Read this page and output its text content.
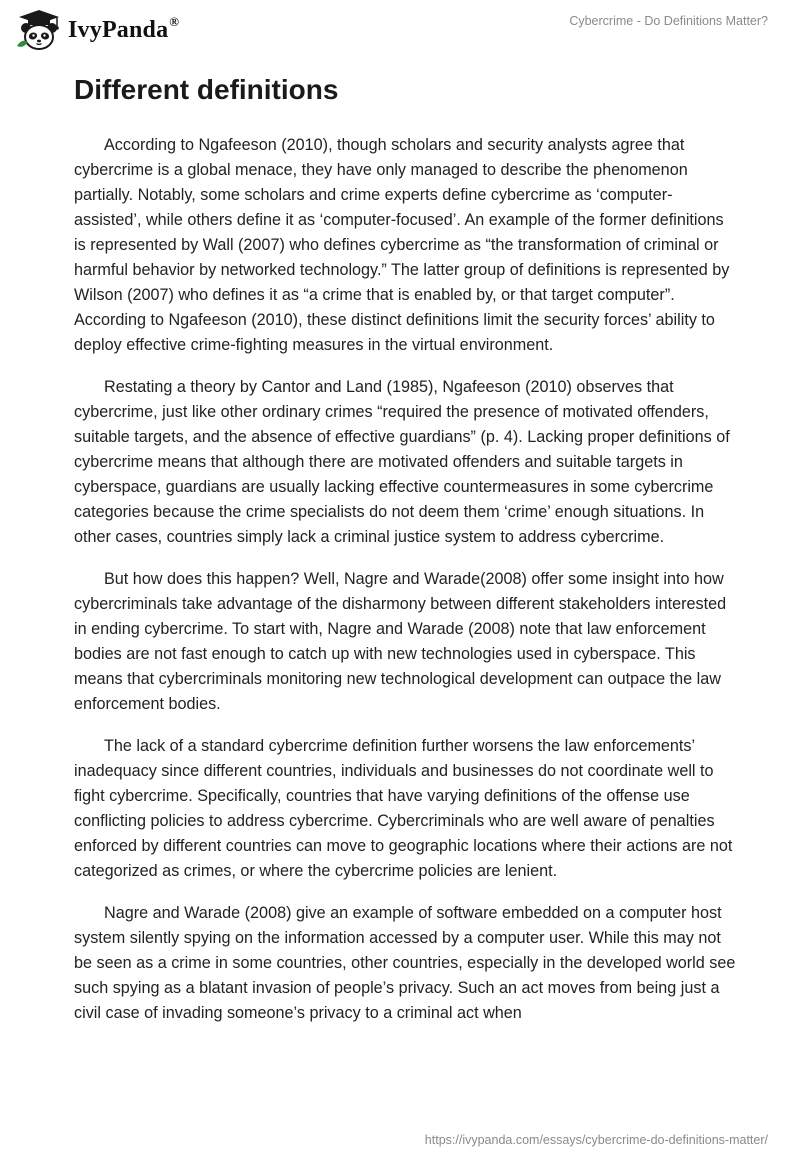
IvyPanda®	Cybercrime - Do Definitions Matter?
Different definitions

According to Ngafeeson (2010), though scholars and security analysts agree that cybercrime is a global menace, they have only managed to describe the phenomenon partially. Notably, some scholars and crime experts define cybercrime as ‘computer-assisted’, while others define it as ‘computer-focused’. An example of the former definitions is represented by Wall (2007) who defines cybercrime as “the transformation of criminal or harmful behavior by networked technology.” The latter group of definitions is represented by Wilson (2007) who defines it as “a crime that is enabled by, or that target computer”. According to Ngafeeson (2010), these distinct definitions limit the security forces’ ability to deploy effective crime-fighting measures in the virtual environment.

Restating a theory by Cantor and Land (1985), Ngafeeson (2010) observes that cybercrime, just like other ordinary crimes “required the presence of motivated offenders, suitable targets, and the absence of effective guardians” (p. 4). Lacking proper definitions of cybercrime means that although there are motivated offenders and suitable targets in cyberspace, guardians are usually lacking effective countermeasures in some cybercrime categories because the crime specialists do not deem them ‘crime’ enough situations. In other cases, countries simply lack a criminal justice system to address cybercrime.

But how does this happen? Well, Nagre and Warade(2008) offer some insight into how cybercriminals take advantage of the disharmony between different stakeholders interested in ending cybercrime. To start with, Nagre and Warade (2008) note that law enforcement bodies are not fast enough to catch up with new technologies used in cyberspace. This means that cybercriminals monitoring new technological development can outpace the law enforcement bodies.

The lack of a standard cybercrime definition further worsens the law enforcements’ inadequacy since different countries, individuals and businesses do not coordinate well to fight cybercrime. Specifically, countries that have varying definitions of the offense use conflicting policies to address cybercrime. Cybercriminals who are well aware of penalties enforced by different countries can move to geographic locations where their actions are not categorized as crimes, or where the cybercrime policies are lenient.

Nagre and Warade (2008) give an example of software embedded on a computer host system silently spying on the information accessed by a computer user. While this may not be seen as a crime in some countries, other countries, especially in the developed world see such spying as a blatant invasion of people’s privacy. Such an act moves from being just a civil case of invading someone’s privacy to a criminal act when

https://ivypanda.com/essays/cybercrime-do-definitions-matter/
